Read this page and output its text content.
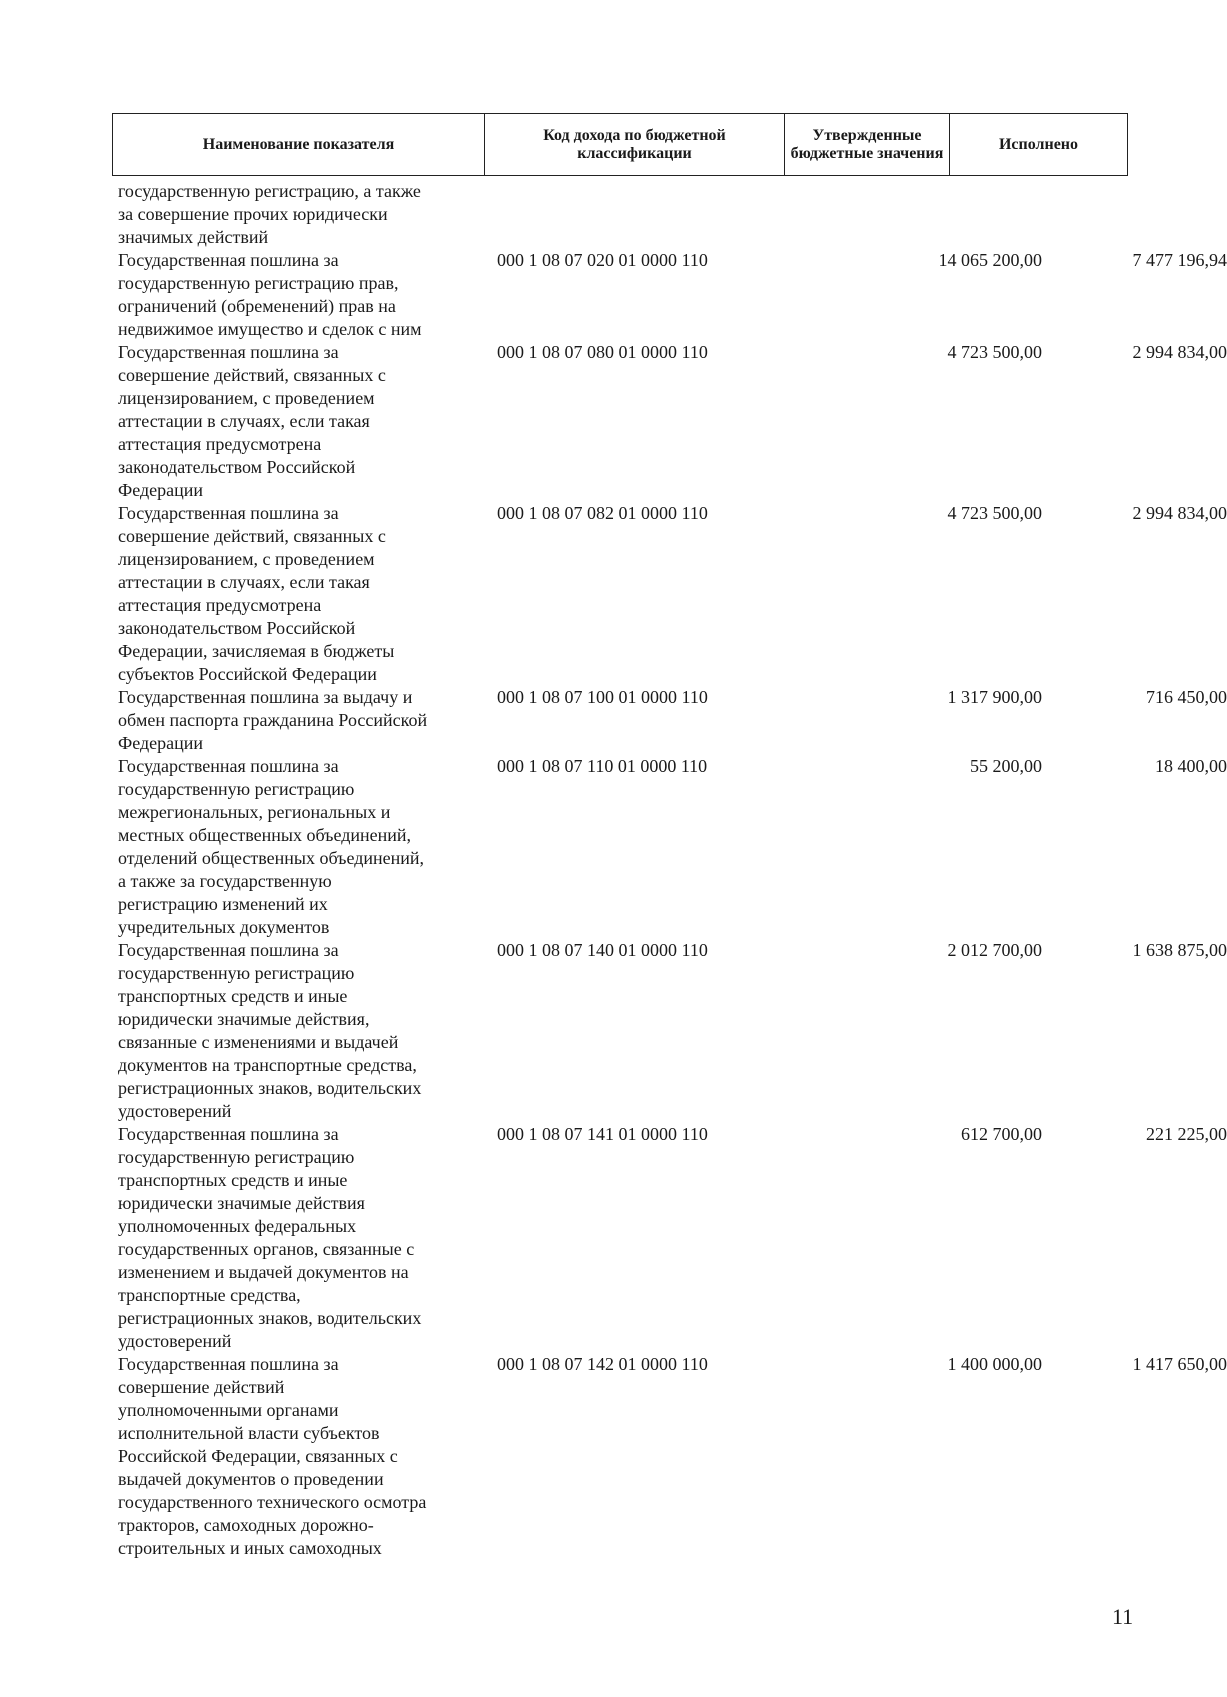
Наименование показателя	Код дохода по бюджетной классификации	Утвержденные бюджетные значения	Исполнено
государственную регистрацию, а также
за совершение прочих юридически
значимых действий
Государственная пошлина за
государственную регистрацию прав,
ограничений (обременений) прав на
недвижимое имущество и сделок с ним
000 1 08 07 020 01 0000 110	14 065 200,00	7 477 196,94
Государственная пошлина за
совершение действий, связанных с
лицензированием, с проведением
аттестации в случаях, если такая
аттестация предусмотрена
законодательством Российской
Федерации
000 1 08 07 080 01 0000 110	4 723 500,00	2 994 834,00
Государственная пошлина за
совершение действий, связанных с
лицензированием, с проведением
аттестации в случаях, если такая
аттестация предусмотрена
законодательством Российской
Федерации, зачисляемая в бюджеты
субъектов Российской Федерации
000 1 08 07 082 01 0000 110	4 723 500,00	2 994 834,00
Государственная пошлина за выдачу и
обмен паспорта гражданина Российской
Федерации
000 1 08 07 100 01 0000 110	1 317 900,00	716 450,00
Государственная пошлина за
государственную регистрацию
межрегиональных, региональных и
местных общественных объединений,
отделений общественных объединений,
а также за государственную
регистрацию изменений их
учредительных документов
000 1 08 07 110 01 0000 110	55 200,00	18 400,00
Государственная пошлина за
государственную регистрацию
транспортных средств и иные
юридически значимые действия,
связанные с изменениями и выдачей
документов на транспортные средства,
регистрационных знаков, водительских
удостоверений
000 1 08 07 140 01 0000 110	2 012 700,00	1 638 875,00
Государственная пошлина за
государственную регистрацию
транспортных средств и иные
юридически значимые действия
уполномоченных федеральных
государственных органов, связанные с
изменением и выдачей документов на
транспортные средства,
регистрационных знаков, водительских
удостоверений
000 1 08 07 141 01 0000 110	612 700,00	221 225,00
Государственная пошлина за
совершение действий
уполномоченными органами
исполнительной власти субъектов
Российской Федерации, связанных с
выдачей документов о проведении
государственного технического осмотра
тракторов, самоходных дорожно-
строительных и иных самоходных
000 1 08 07 142 01 0000 110	1 400 000,00	1 417 650,00
11
